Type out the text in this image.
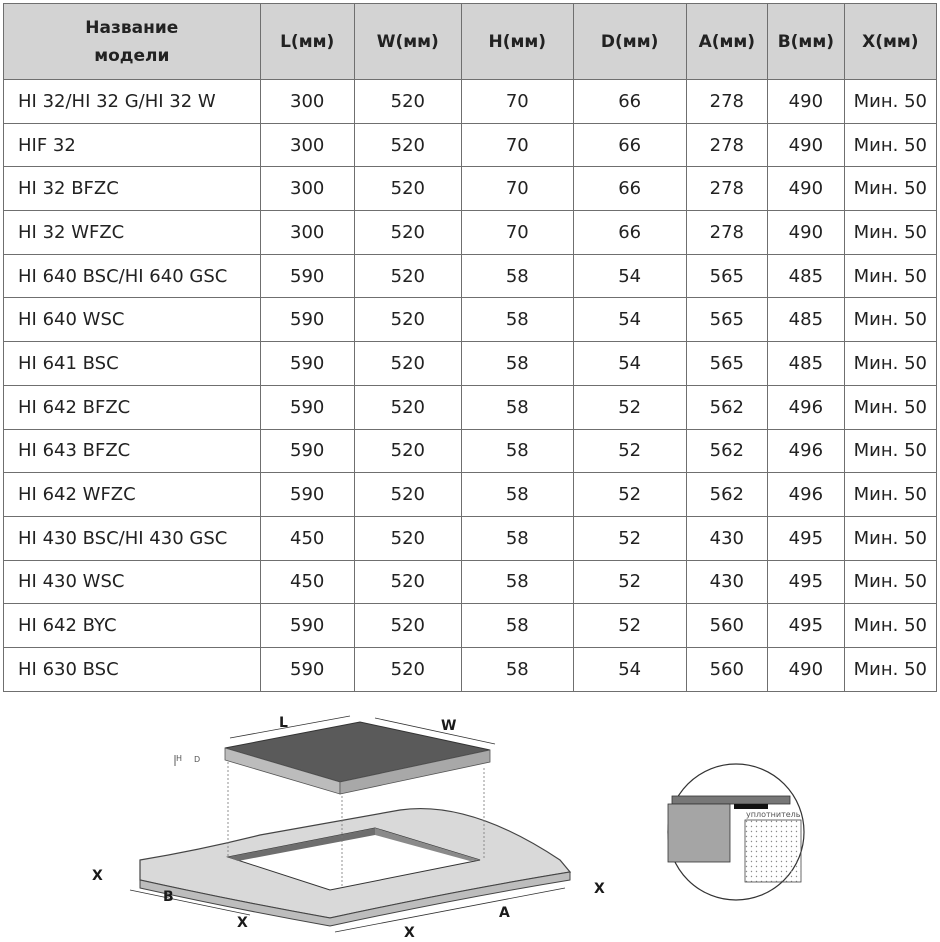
Название
модели	L(мм)	W(мм)	H(мм)	D(мм)	A(мм)	B(мм)	X(мм)
HI 32/HI 32 G/HI 32 W	300	520	70	66	278	490	Мин. 50
HIF 32	300	520	70	66	278	490	Мин. 50
HI 32 BFZC	300	520	70	66	278	490	Мин. 50
HI 32 WFZC	300	520	70	66	278	490	Мин. 50
HI 640 BSC/HI 640 GSC	590	520	58	54	565	485	Мин. 50
HI 640 WSC	590	520	58	54	565	485	Мин. 50
HI 641 BSC	590	520	58	54	565	485	Мин. 50
HI 642 BFZC	590	520	58	52	562	496	Мин. 50
HI 643 BFZC	590	520	58	52	562	496	Мин. 50
HI 642 WFZC	590	520	58	52	562	496	Мин. 50
HI 430 BSC/HI 430 GSC	450	520	58	52	430	495	Мин. 50
HI 430 WSC	450	520	58	52	430	495	Мин. 50
HI 642 BYC	590	520	58	52	560	495	Мин. 50
HI 630 BSC	590	520	58	54	560	490	Мин. 50
L	W
H D
X
B
X
X
A
X
уплотнитель
